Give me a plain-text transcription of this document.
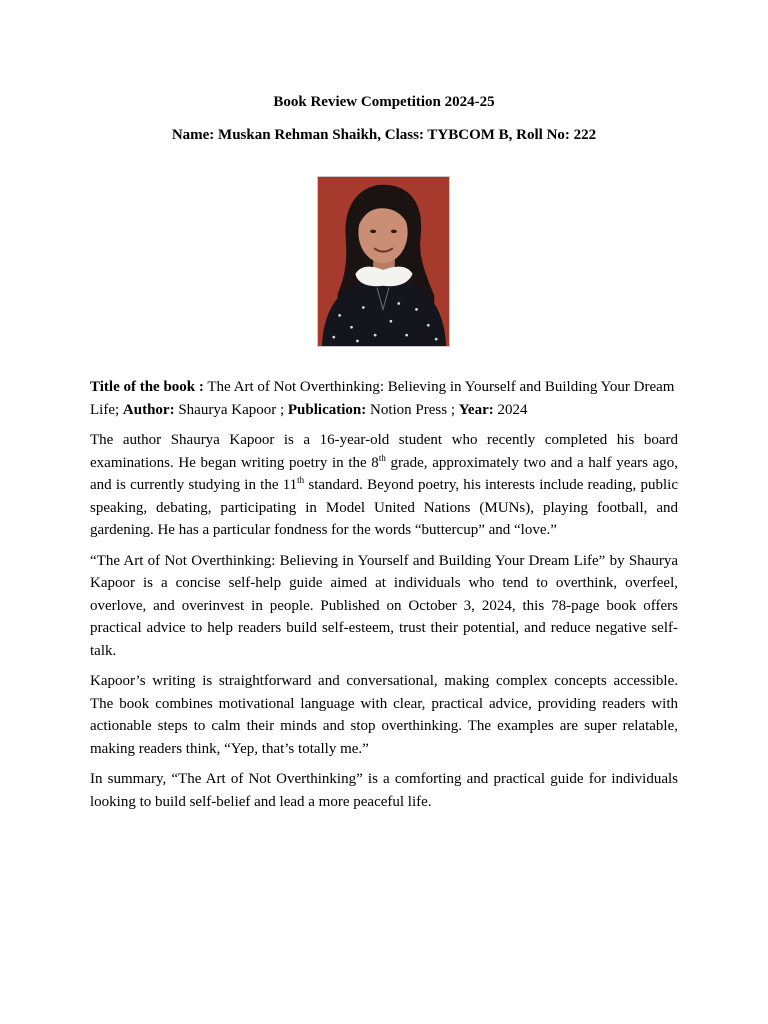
Book Review Competition 2024-25

Name: Muskan Rehman Shaikh, Class: TYBCOM B, Roll No: 222

Title of the book : The Art of Not Overthinking: Believing in Yourself and Building Your Dream Life; Author: Shaurya Kapoor ; Publication: Notion Press ; Year: 2024

The author Shaurya Kapoor is a 16-year-old student who recently completed his board examinations. He began writing poetry in the 8th grade, approximately two and a half years ago, and is currently studying in the 11th standard. Beyond poetry, his interests include reading, public speaking, debating, participating in Model United Nations (MUNs), playing football, and gardening. He has a particular fondness for the words “buttercup” and “love.”

“The Art of Not Overthinking: Believing in Yourself and Building Your Dream Life” by Shaurya Kapoor is a concise self-help guide aimed at individuals who tend to overthink, overfeel, overlove, and overinvest in people. Published on October 3, 2024, this 78-page book offers practical advice to help readers build self-esteem, trust their potential, and reduce negative self-talk.

Kapoor’s writing is straightforward and conversational, making complex concepts accessible. The book combines motivational language with clear, practical advice, providing readers with actionable steps to calm their minds and stop overthinking. The examples are super relatable, making readers think, “Yep, that’s totally me.”

In summary, “The Art of Not Overthinking” is a comforting and practical guide for individuals looking to build self-belief and lead a more peaceful life.
